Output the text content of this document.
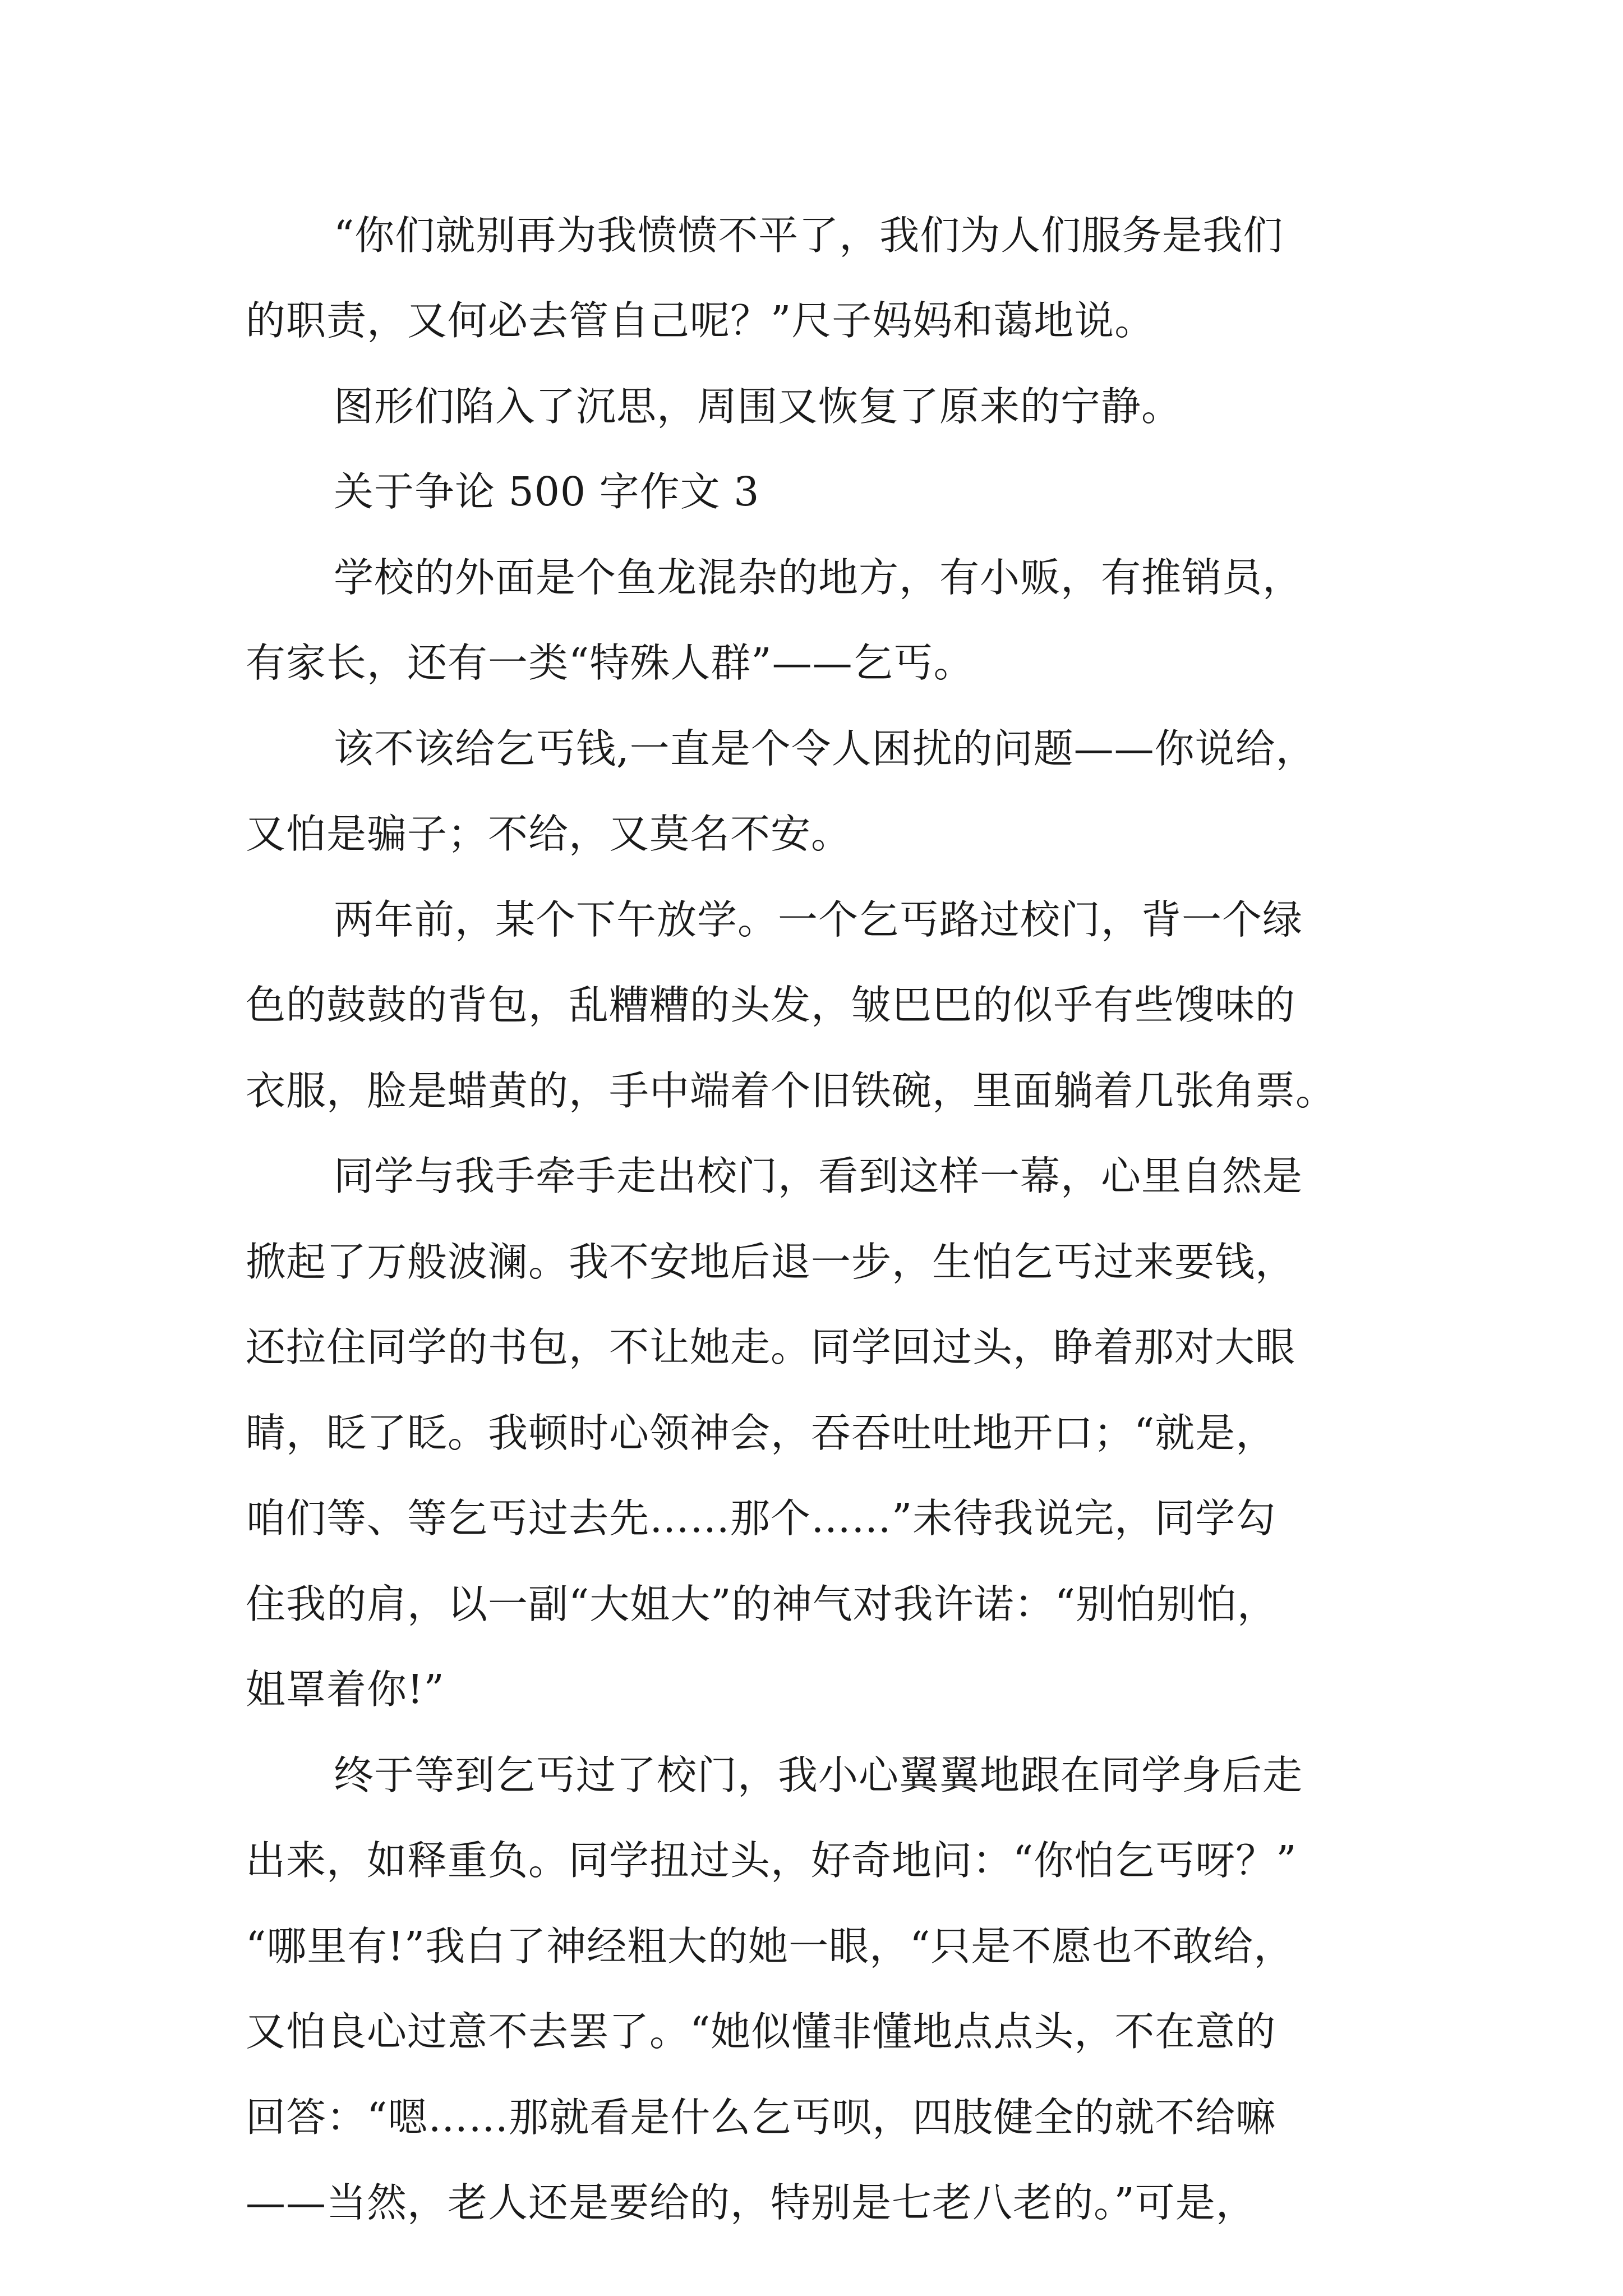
“你们就别再为我愤愤不平了，我们为人们服务是我们
的职责，又何必去管自己呢？”尺子妈妈和蔼地说。
图形们陷入了沉思，周围又恢复了原来的宁静。
关于争论 500 字作文 3
学校的外面是个鱼龙混杂的地方，有小贩，有推销员，
有家长，还有一类“特殊人群”——乞丐。
该不该给乞丐钱,一直是个令人困扰的问题——你说给，
又怕是骗子；不给，又莫名不安。
两年前，某个下午放学。一个乞丐路过校门，背一个绿
色的鼓鼓的背包，乱糟糟的头发，皱巴巴的似乎有些馊味的
衣服，脸是蜡黄的，手中端着个旧铁碗，里面躺着几张角票。
同学与我手牵手走出校门，看到这样一幕，心里自然是
掀起了万般波澜。我不安地后退一步，生怕乞丐过来要钱，
还拉住同学的书包，不让她走。同学回过头，睁着那对大眼
睛，眨了眨。我顿时心领神会，吞吞吐吐地开口；“就是，
咱们等、等乞丐过去先……那个……”未待我说完，同学勾
住我的肩，以一副“大姐大”的神气对我许诺：“别怕别怕，
姐罩着你!”
终于等到乞丐过了校门，我小心翼翼地跟在同学身后走
出来，如释重负。同学扭过头，好奇地问：“你怕乞丐呀？”
“哪里有!”我白了神经粗大的她一眼，“只是不愿也不敢给，
又怕良心过意不去罢了。“她似懂非懂地点点头，不在意的
回答：“嗯……那就看是什么乞丐呗，四肢健全的就不给嘛
——当然，老人还是要给的，特别是七老八老的。”可是，
